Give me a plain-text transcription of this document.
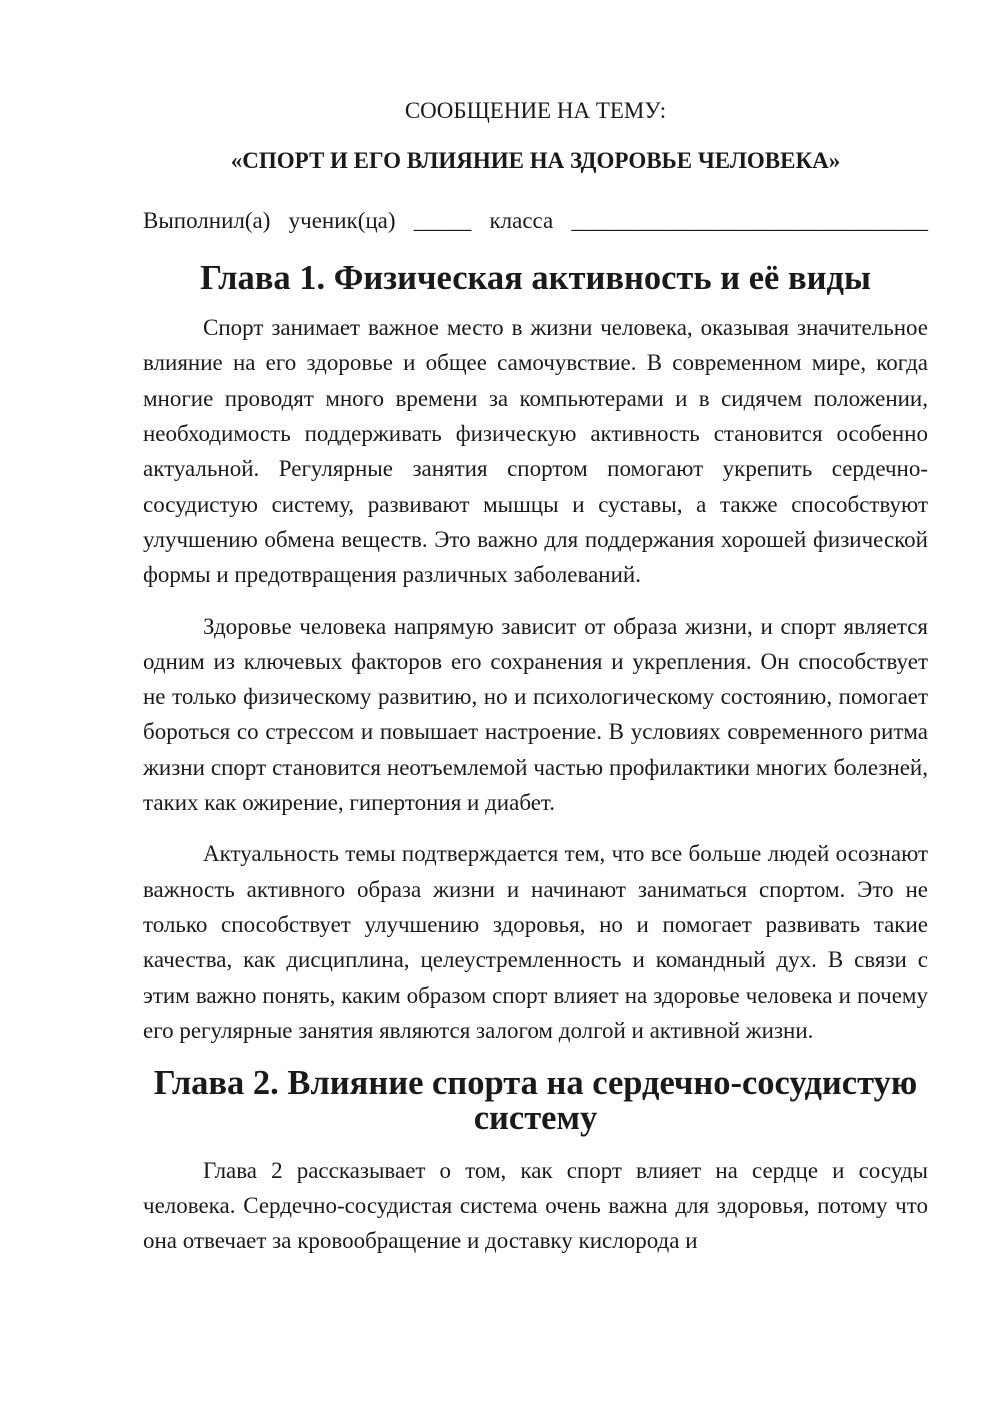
СООБЩЕНИЕ НА ТЕМУ:

«СПОРТ И ЕГО ВЛИЯНИЕ НА ЗДОРОВЬЕ ЧЕЛОВЕКА»

Выполнил(а) ученик(ца) _____ класса _______________________________

Глава 1. Физическая активность и её виды

Спорт занимает важное место в жизни человека, оказывая значительное влияние на его здоровье и общее самочувствие. В современном мире, когда многие проводят много времени за компьютерами и в сидячем положении, необходимость поддерживать физическую активность становится особенно актуальной. Регулярные занятия спортом помогают укрепить сердечно-сосудистую систему, развивают мышцы и суставы, а также способствуют улучшению обмена веществ. Это важно для поддержания хорошей физической формы и предотвращения различных заболеваний.

Здоровье человека напрямую зависит от образа жизни, и спорт является одним из ключевых факторов его сохранения и укрепления. Он способствует не только физическому развитию, но и психологическому состоянию, помогает бороться со стрессом и повышает настроение. В условиях современного ритма жизни спорт становится неотъемлемой частью профилактики многих болезней, таких как ожирение, гипертония и диабет.

Актуальность темы подтверждается тем, что все больше людей осознают важность активного образа жизни и начинают заниматься спортом. Это не только способствует улучшению здоровья, но и помогает развивать такие качества, как дисциплина, целеустремленность и командный дух. В связи с этим важно понять, каким образом спорт влияет на здоровье человека и почему его регулярные занятия являются залогом долгой и активной жизни.

Глава 2. Влияние спорта на сердечно-сосудистую систему

Глава 2 рассказывает о том, как спорт влияет на сердце и сосуды человека. Сердечно-сосудистая система очень важна для здоровья, потому что она отвечает за кровообращение и доставку кислорода и
